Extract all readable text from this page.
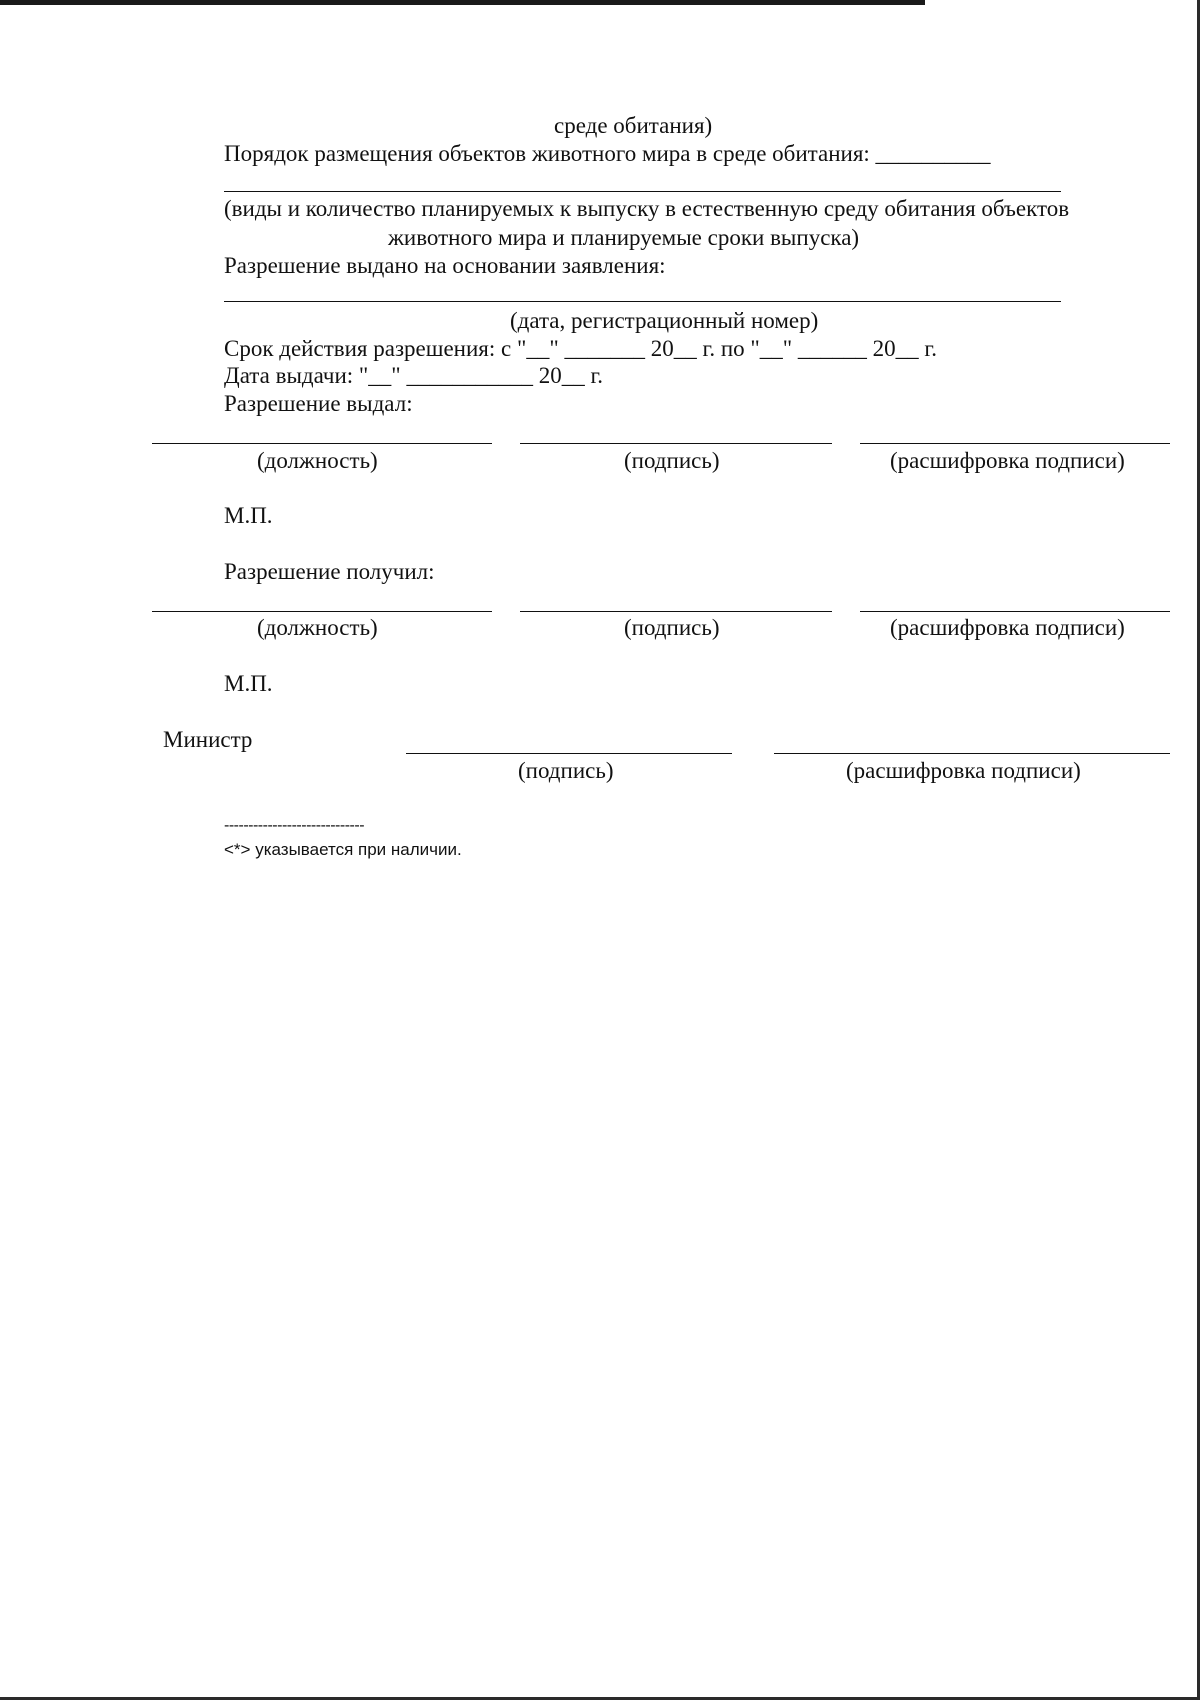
среде обитания)
Порядок размещения объектов животного мира в среде обитания: __________
(виды и количество планируемых к выпуску в естественную среду обитания объектов
животного мира и планируемые сроки выпуска)
Разрешение выдано на основании заявления:
(дата, регистрационный номер)
Срок действия разрешения: с "__" _______ 20__ г. по "__" ______ 20__ г.
Дата выдачи: "__" ___________ 20__ г.
Разрешение выдал:
(должность)	(подпись)	(расшифровка подписи)
М.П.
Разрешение получил:
(должность)	(подпись)	(расшифровка подписи)
М.П.
Министр
(подпись)	(расшифровка подписи)
-----------------------------
<*> указывается при наличии.
